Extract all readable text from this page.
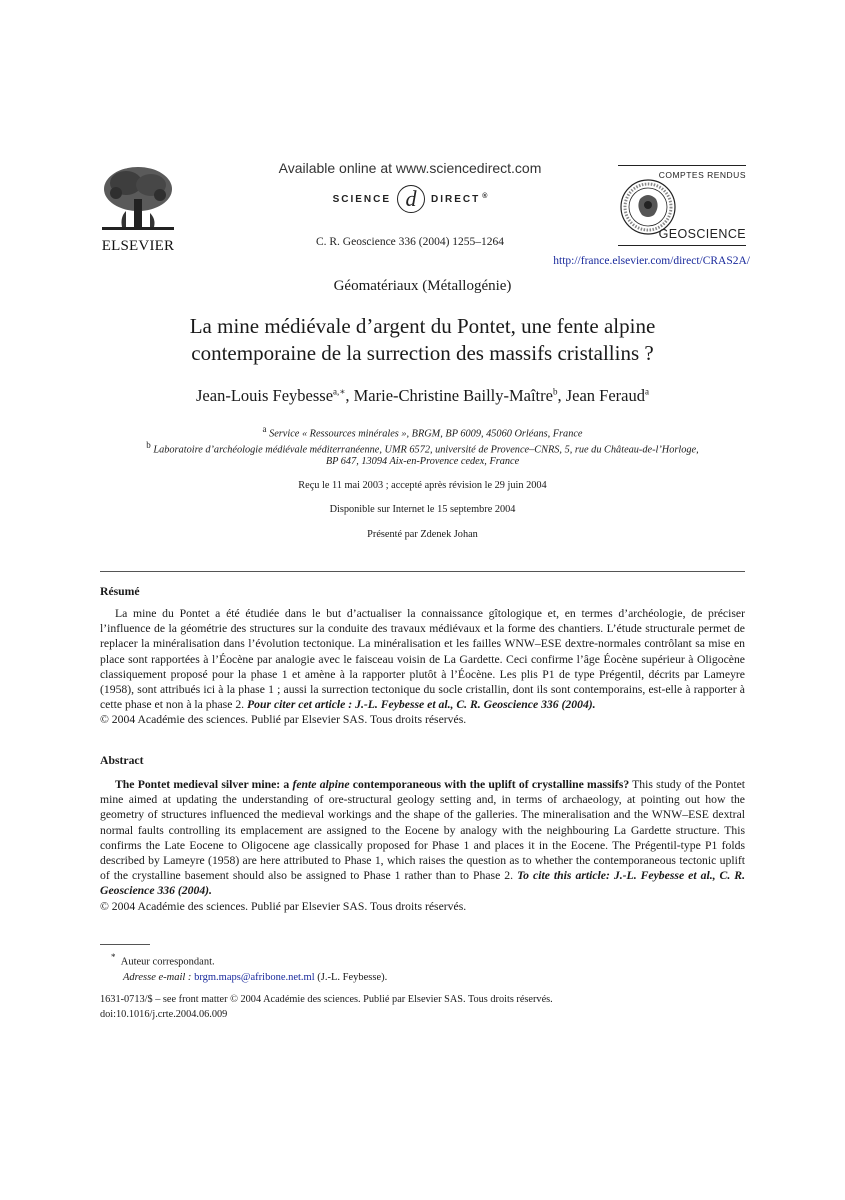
ELSEVIER
Available online at www.sciencedirect.com
SCIENCE d	DIRECT ®
C. R. Geoscience 336 (2004) 1255–1264
COMPTES RENDUS
GEOSCIENCE
http://france.elsevier.com/direct/CRAS2A/
Géomatériaux (Métallogénie)
La mine médiévale d’argent du Pontet, une fente alpine
contemporaine de la surrection des massifs cristallins ?
Jean-Louis Feybesse$^{a,∗}$, Marie-Christine Bailly-Maître$^b$, Jean Feraud$^a$
$^a$ Service « Ressources minérales », BRGM, BP 6009, 45060 Orléans, France
$^b$ Laboratoire d’archéologie médiévale méditerranéenne, UMR 6572, université de Provence–CNRS, 5, rue du Château-de-l’Horloge,
BP 647, 13094 Aix-en-Provence cedex, France
Reçu le 11 mai 2003 ; accepté après révision le 29 juin 2004
Disponible sur Internet le 15 septembre 2004
Présenté par Zdenek Johan
Résumé

La mine du Pontet a été étudiée dans le but d’actualiser la connaissance gîtologique et, en termes d’archéologie, de préciser l’influence de la géométrie des structures sur la conduite des travaux médiévaux et la forme des chantiers. L’étude structurale permet de replacer la minéralisation dans l’évolution tectonique. La minéralisation et les failles WNW–ESE dextre-normales contrôlant sa mise en place sont rapportées à l’Éocène par analogie avec le faisceau voisin de La Gardette. Ceci confirme l’âge Éocène supérieur à Oligocène classiquement proposé pour la phase 1 et amène à la rapporter plutôt à l’Éocène. Les plis P1 de type Prégentil, décrits par Lameyre (1958), sont attribués ici à la phase 1 ; aussi la surrection tectonique du socle cristallin, dont ils sont contemporains, est-elle à rapporter à cette phase et non à la phase 2. Pour citer cet article : J.-L. Feybesse et al., C. R. Geoscience 336 (2004).

© 2004 Académie des sciences. Publié par Elsevier SAS. Tous droits réservés.

Abstract

The Pontet medieval silver mine: a fente alpine contemporaneous with the uplift of crystalline massifs? This study of the Pontet mine aimed at updating the understanding of ore-structural geology setting and, in terms of archaeology, at pointing out how the geometry of structures influenced the medieval workings and the shape of the galleries. The mineralisation and the WNW–ESE dextral normal faults controlling its emplacement are assigned to the Eocene by analogy with the neighbouring La Gardette structure. This confirms the Late Eocene to Oligocene age classically proposed for Phase 1 and places it in the Eocene. The Prégentil-type P1 folds described by Lameyre (1958) are here attributed to Phase 1, which raises the question as to whether the contemporaneous tectonic uplift of the crystalline basement should also be assigned to Phase 1 rather than to Phase 2. To cite this article: J.-L. Feybesse et al., C. R. Geoscience 336 (2004).

© 2004 Académie des sciences. Publié par Elsevier SAS. Tous droits réservés.

* Auteur correspondant.
Adresse e-mail : brgm.maps@afribone.net.ml (J.-L. Feybesse).
1631-0713/$ – see front matter © 2004 Académie des sciences. Publié par Elsevier SAS. Tous droits réservés.
doi:10.1016/j.crte.2004.06.009
